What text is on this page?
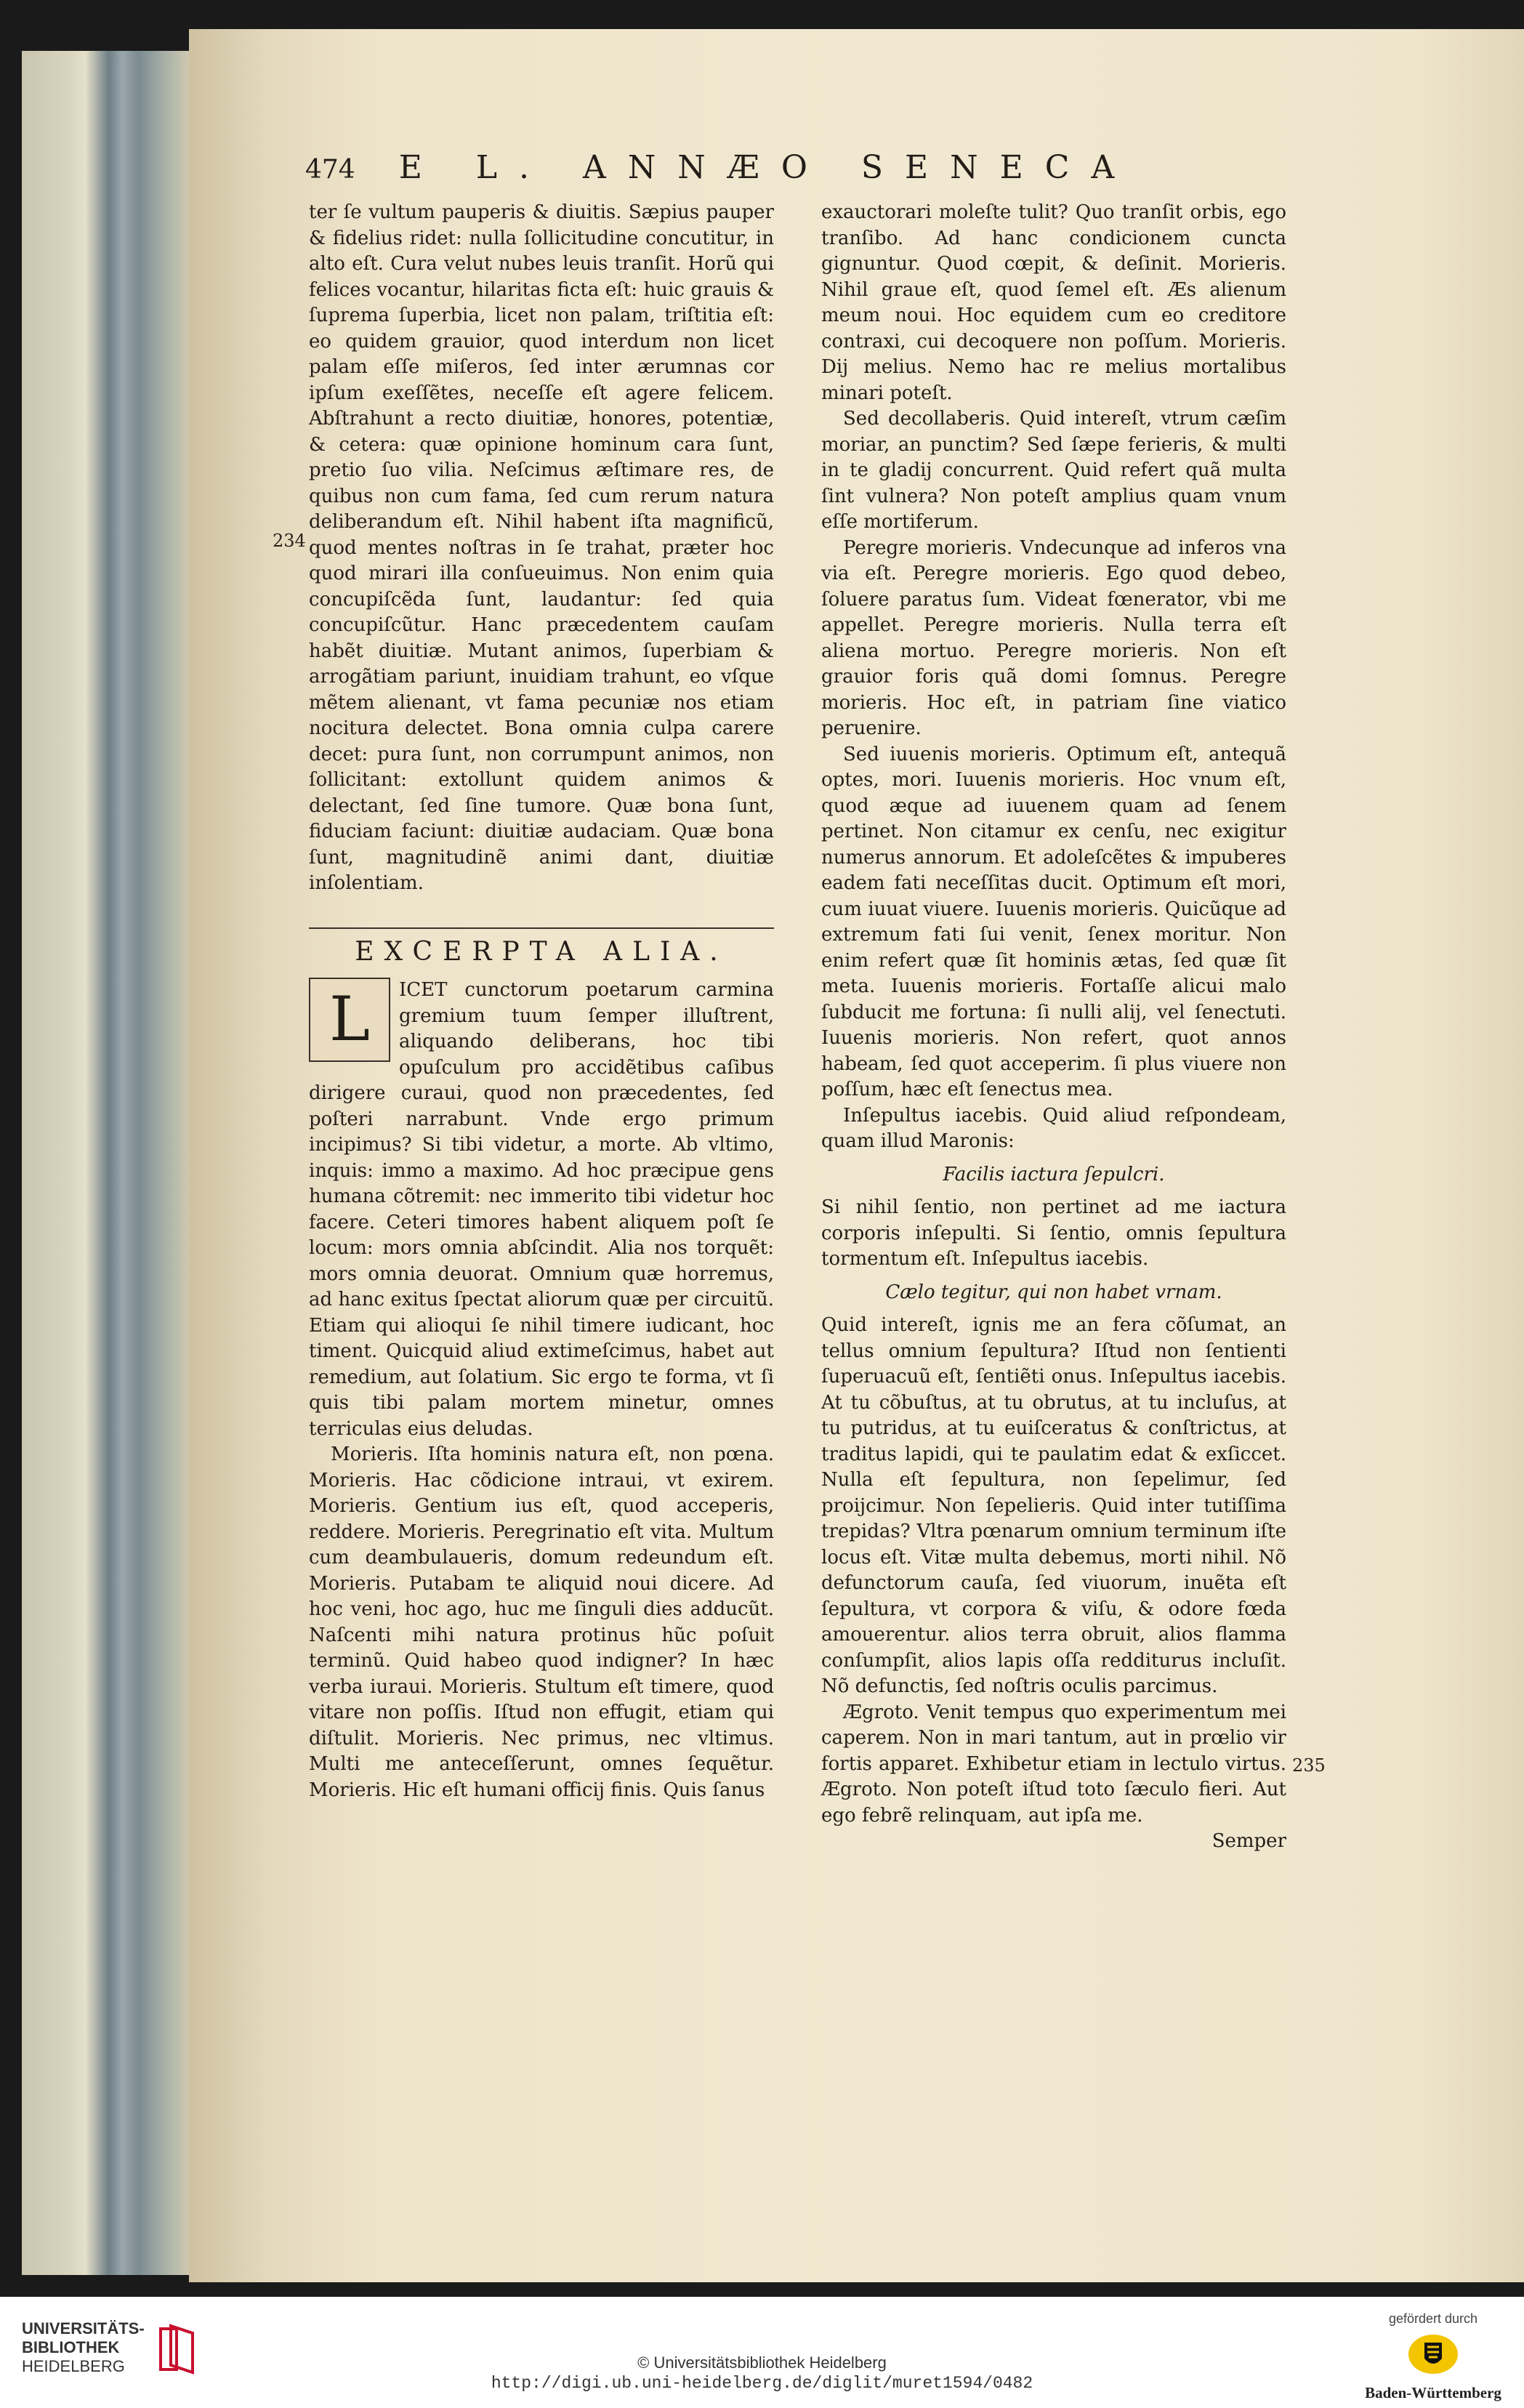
474 E L. ANNÆO SENECA
234
235

ter ſe vultum pauperis & diuitis. Sæpius pauper & fidelius ridet: nulla ſollicitudine concutitur, in alto eſt. Cura velut nubes leuis tranſit. Horũ qui felices vocantur, hilaritas ficta eſt: huic grauis & ſuprema ſuperbia, licet non palam, triſtitia eſt: eo quidem grauior, quod interdum non licet palam eſſe miſeros, ſed inter ærumnas cor ipſum exeſſẽtes, neceſſe eſt agere felicem. Abſtrahunt a recto diuitiæ, honores, potentiæ, & cetera: quæ opinione hominum cara ſunt, pretio ſuo vilia. Neſcimus æſtimare res, de quibus non cum fama, ſed cum rerum natura deliberandum eſt. Nihil habent iſta magnificũ, quod mentes noſtras in ſe trahat, præter hoc quod mirari illa conſueuimus. Non enim quia concupiſcẽda ſunt, laudantur: ſed quia concupiſcũtur. Hanc præcedentem cauſam habẽt diuitiæ. Mutant animos, ſuperbiam & arrogãtiam pariunt, inuidiam trahunt, eo vſque mẽtem alienant, vt fama pecuniæ nos etiam nocitura delectet. Bona omnia culpa carere decet: pura ſunt, non corrumpunt animos, non ſollicitant: extollunt quidem animos & delectant, ſed ſine tumore. Quæ bona ſunt, fiduciam faciunt: diuitiæ audaciam. Quæ bona ſunt, magnitudinẽ animi dant, diuitiæ inſolentiam.

EXCERPTA ALIA.
L	ICET cunctorum poetarum carmina gremium tuum ſemper illuſtrent, aliquando deliberans, hoc tibi opuſculum pro accidẽtibus caſibus dirigere curaui, quod non præcedentes, ſed poſteri narrabunt. Vnde ergo primum incipimus? Si tibi videtur, a morte. Ab vltimo, inquis: immo a maximo. Ad hoc præcipue gens humana cõtremit: nec immerito tibi videtur hoc facere. Ceteri timores habent aliquem poſt ſe locum: mors omnia abſcindit. Alia nos torquẽt: mors omnia deuorat. Omnium quæ horremus, ad hanc exitus ſpectat aliorum quæ per circuitũ. Etiam qui alioqui ſe nihil timere iudicant, hoc timent. Quicquid aliud extimeſcimus, habet aut remedium, aut ſolatium. Sic ergo te forma, vt ſi quis tibi palam mortem minetur, omnes terriculas eius deludas.

Morieris. Iſta hominis natura eſt, non pœna. Morieris. Hac cõdicione intraui, vt exirem. Morieris. Gentium ius eſt, quod acceperis, reddere. Morieris. Peregrinatio eſt vita. Multum cum deambulaueris, domum redeundum eſt. Morieris. Putabam te aliquid noui dicere. Ad hoc veni, hoc ago, huc me ſinguli dies adducũt. Naſcenti mihi natura protinus hũc poſuit terminũ. Quid habeo quod indigner? In hæc verba iuraui. Morieris. Stultum eſt timere, quod vitare non poſſis. Iſtud non effugit, etiam qui diſtulit. Morieris. Nec primus, nec vltimus. Multi me anteceſſerunt, omnes ſequẽtur. Morieris. Hic eſt humani officij finis. Quis ſanus

exauctorari moleſte tulit? Quo tranſit orbis, ego tranſibo. Ad hanc condicionem cuncta gignuntur. Quod cœpit, & deſinit. Morieris. Nihil graue eſt, quod ſemel eſt. Æs alienum meum noui. Hoc equidem cum eo creditore contraxi, cui decoquere non poſſum. Morieris. Dij melius. Nemo hac re melius mortalibus minari poteſt.

Sed decollaberis. Quid intereſt, vtrum cæſim moriar, an punctim? Sed ſæpe ferieris, & multi in te gladij concurrent. Quid refert quã multa ſint vulnera? Non poteſt amplius quam vnum eſſe mortiferum.

Peregre morieris. Vndecunque ad inferos vna via eſt. Peregre morieris. Ego quod debeo, ſoluere paratus ſum. Videat fœnerator, vbi me appellet. Peregre morieris. Nulla terra eſt aliena mortuo. Peregre morieris. Non eſt grauior foris quã domi ſomnus. Peregre morieris. Hoc eſt, in patriam ſine viatico peruenire.

Sed iuuenis morieris. Optimum eſt, antequã optes, mori. Iuuenis morieris. Hoc vnum eſt, quod æque ad iuuenem quam ad ſenem pertinet. Non citamur ex cenſu, nec exigitur numerus annorum. Et adoleſcẽtes & impuberes eadem fati neceſſitas ducit. Optimum eſt mori, cum iuuat viuere. Iuuenis morieris. Quicũque ad extremum fati ſui venit, ſenex moritur. Non enim refert quæ ſit hominis ætas, ſed quæ ſit meta. Iuuenis morieris. Fortaſſe alicui malo ſubducit me fortuna: ſi nulli alij, vel ſenectuti. Iuuenis morieris. Non refert, quot annos habeam, ſed quot acceperim. ſi plus viuere non poſſum, hæc eſt ſenectus mea.

Inſepultus iacebis. Quid aliud reſpondeam, quam illud Maronis:

Facilis iactura ſepulcri.

Si nihil ſentio, non pertinet ad me iactura corporis inſepulti. Si ſentio, omnis ſepultura tormentum eſt. Inſepultus iacebis.

Cælo tegitur, qui non habet vrnam.

Quid intereſt, ignis me an fera cõſumat, an tellus omnium ſepultura? Iſtud non ſentienti ſuperuacuũ eſt, ſentiẽti onus. Inſepultus iacebis. At tu cõbuſtus, at tu obrutus, at tu incluſus, at tu putridus, at tu euiſceratus & conſtrictus, at traditus lapidi, qui te paulatim edat & exſiccet. Nulla eſt ſepultura, non ſepelimur, ſed proijcimur. Non ſepelieris. Quid inter tutiſſima trepidas? Vltra pœnarum omnium terminum iſte locus eſt. Vitæ multa debemus, morti nihil. Nõ defunctorum cauſa, ſed viuorum, inuẽta eſt ſepultura, vt corpora & viſu, & odore fœda amouerentur. alios terra obruit, alios flamma conſumpſit, alios lapis oſſa redditurus incluſit. Nõ defunctis, ſed noſtris oculis parcimus.

Ægroto. Venit tempus quo experimentum mei caperem. Non in mari tantum, aut in prœlio vir fortis apparet. Exhibetur etiam in lectulo virtus. Ægroto. Non poteſt iſtud toto ſæculo fieri. Aut ego febrẽ relinquam, aut ipſa me.

Semper

UNIVERSITÄTS-
BIBLIOTHEK
HEIDELBERG	© Universitätsbibliothek Heidelberg
http://digi.ub.uni-heidelberg.de/diglit/muret1594/0482
gefördert durch
Baden-Württemberg
